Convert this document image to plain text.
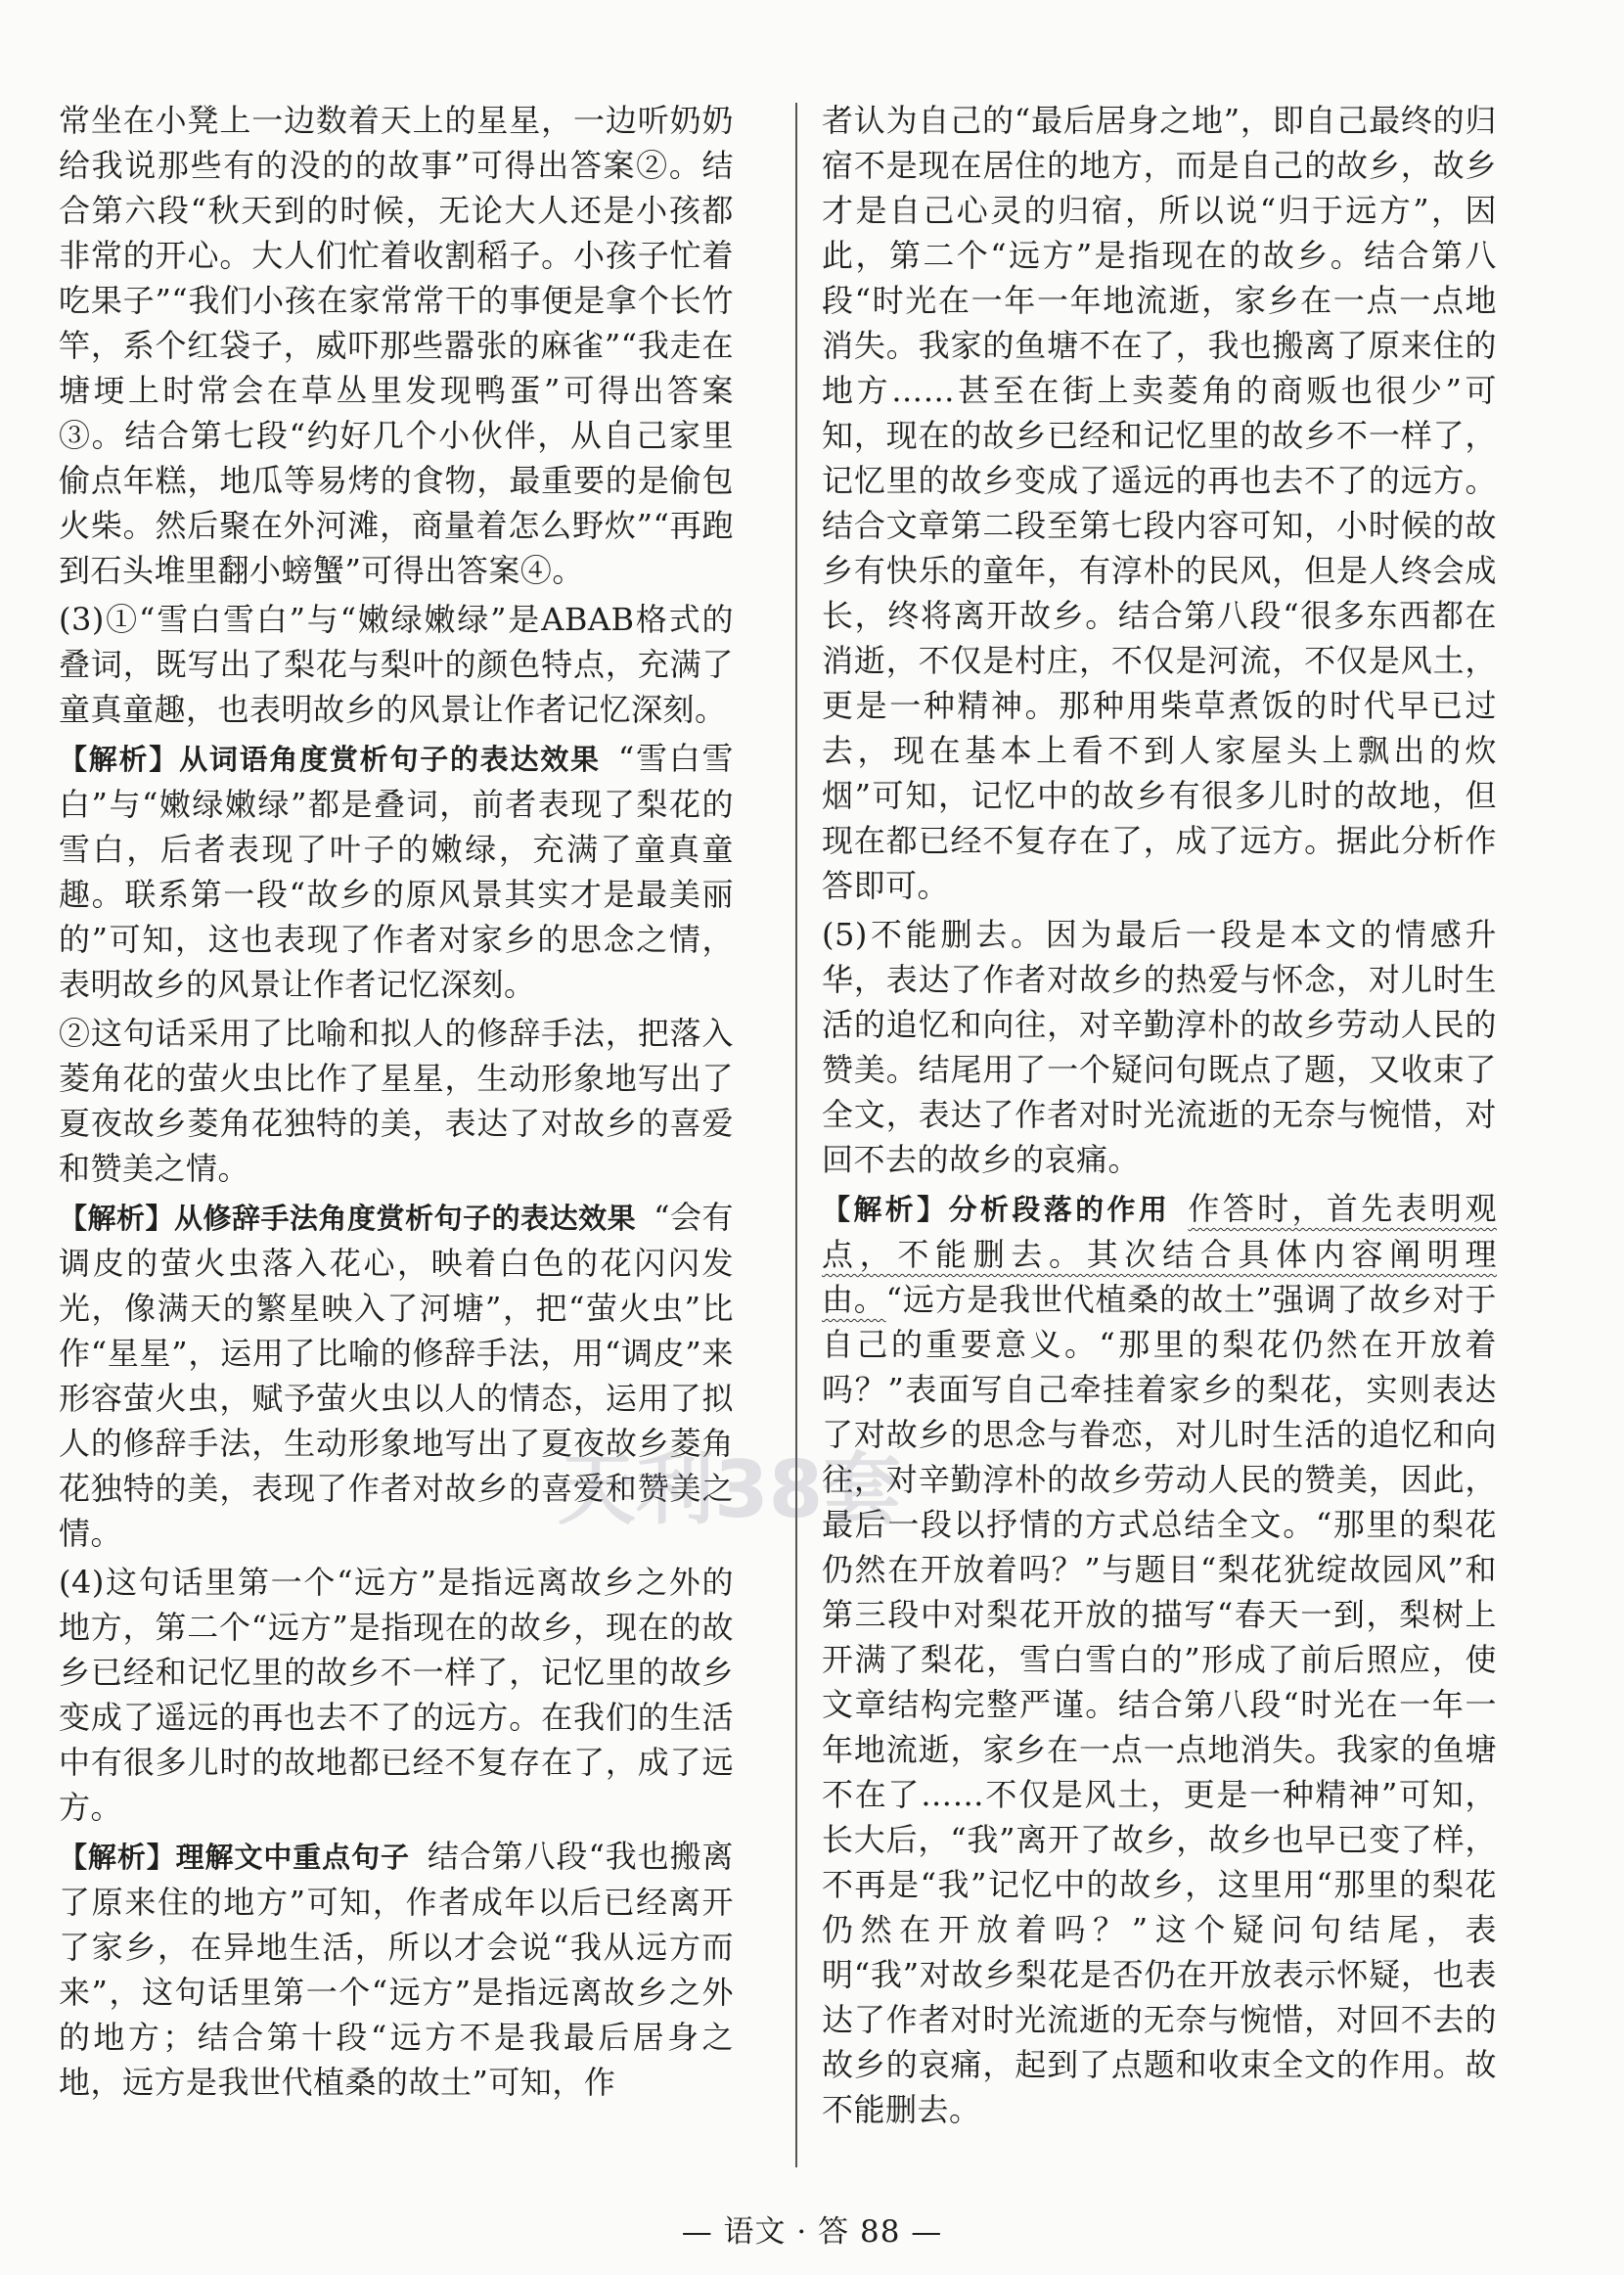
常坐在小凳上一边数着天上的星星，一边听奶奶给我说那些有的没的的故事”可得出答案②。结合第六段“秋天到的时候，无论大人还是小孩都非常的开心。大人们忙着收割稻子。小孩子忙着吃果子”“我们小孩在家常常干的事便是拿个长竹竿，系个红袋子，威吓那些嚣张的麻雀”“我走在塘埂上时常会在草丛里发现鸭蛋”可得出答案③。结合第七段“约好几个小伙伴，从自己家里偷点年糕，地瓜等易烤的食物，最重要的是偷包火柴。然后聚在外河滩，商量着怎么野炊”“再跑到石头堆里翻小螃蟹”可得出答案④。

(3)①“雪白雪白”与“嫩绿嫩绿”是ABAB格式的叠词，既写出了梨花与梨叶的颜色特点，充满了童真童趣，也表明故乡的风景让作者记忆深刻。

【解析】从词语角度赏析句子的表达效果 “雪白雪白”与“嫩绿嫩绿”都是叠词，前者表现了梨花的雪白，后者表现了叶子的嫩绿，充满了童真童趣。联系第一段“故乡的原风景其实才是最美丽的”可知，这也表现了作者对家乡的思念之情，表明故乡的风景让作者记忆深刻。

②这句话采用了比喻和拟人的修辞手法，把落入菱角花的萤火虫比作了星星，生动形象地写出了夏夜故乡菱角花独特的美，表达了对故乡的喜爱和赞美之情。

【解析】从修辞手法角度赏析句子的表达效果 “会有调皮的萤火虫落入花心，映着白色的花闪闪发光，像满天的繁星映入了河塘”，把“萤火虫”比作“星星”，运用了比喻的修辞手法，用“调皮”来形容萤火虫，赋予萤火虫以人的情态，运用了拟人的修辞手法，生动形象地写出了夏夜故乡菱角花独特的美，表现了作者对故乡的喜爱和赞美之情。

(4)这句话里第一个“远方”是指远离故乡之外的地方，第二个“远方”是指现在的故乡，现在的故乡已经和记忆里的故乡不一样了，记忆里的故乡变成了遥远的再也去不了的远方。在我们的生活中有很多儿时的故地都已经不复存在了，成了远方。

【解析】理解文中重点句子 结合第八段“我也搬离了原来住的地方”可知，作者成年以后已经离开了家乡，在异地生活，所以才会说“我从远方而来”，这句话里第一个“远方”是指远离故乡之外的地方；结合第十段“远方不是我最后居身之地，远方是我世代植桑的故土”可知，作

者认为自己的“最后居身之地”，即自己最终的归宿不是现在居住的地方，而是自己的故乡，故乡才是自己心灵的归宿，所以说“归于远方”，因此，第二个“远方”是指现在的故乡。结合第八段“时光在一年一年地流逝，家乡在一点一点地消失。我家的鱼塘不在了，我也搬离了原来住的地方……甚至在街上卖菱角的商贩也很少”可知，现在的故乡已经和记忆里的故乡不一样了，记忆里的故乡变成了遥远的再也去不了的远方。结合文章第二段至第七段内容可知，小时候的故乡有快乐的童年，有淳朴的民风，但是人终会成长，终将离开故乡。结合第八段“很多东西都在消逝，不仅是村庄，不仅是河流，不仅是风土，更是一种精神。那种用柴草煮饭的时代早已过去，现在基本上看不到人家屋头上飘出的炊烟”可知，记忆中的故乡有很多儿时的故地，但现在都已经不复存在了，成了远方。据此分析作答即可。

(5)不能删去。因为最后一段是本文的情感升华，表达了作者对故乡的热爱与怀念，对儿时生活的追忆和向往，对辛勤淳朴的故乡劳动人民的赞美。结尾用了一个疑问句既点了题，又收束了全文，表达了作者对时光流逝的无奈与惋惜，对回不去的故乡的哀痛。

【解析】分析段落的作用 作答时，首先表明观点，不能删去。其次结合具体内容阐明理由。“远方是我世代植桑的故土”强调了故乡对于自己的重要意义。“那里的梨花仍然在开放着吗？”表面写自己牵挂着家乡的梨花，实则表达了对故乡的思念与眷恋，对儿时生活的追忆和向往，对辛勤淳朴的故乡劳动人民的赞美，因此，最后一段以抒情的方式总结全文。“那里的梨花仍然在开放着吗？”与题目“梨花犹绽故园风”和第三段中对梨花开放的描写“春天一到，梨树上开满了梨花，雪白雪白的”形成了前后照应，使文章结构完整严谨。结合第八段“时光在一年一年地流逝，家乡在一点一点地消失。我家的鱼塘不在了……不仅是风土，更是一种精神”可知，长大后，“我”离开了故乡，故乡也早已变了样，不再是“我”记忆中的故乡，这里用“那里的梨花仍然在开放着吗？”这个疑问句结尾，表明“我”对故乡梨花是否仍在开放表示怀疑，也表达了作者对时光流逝的无奈与惋惜，对回不去的故乡的哀痛，起到了点题和收束全文的作用。故不能删去。

天利38套
— 语文 · 答 88 —
